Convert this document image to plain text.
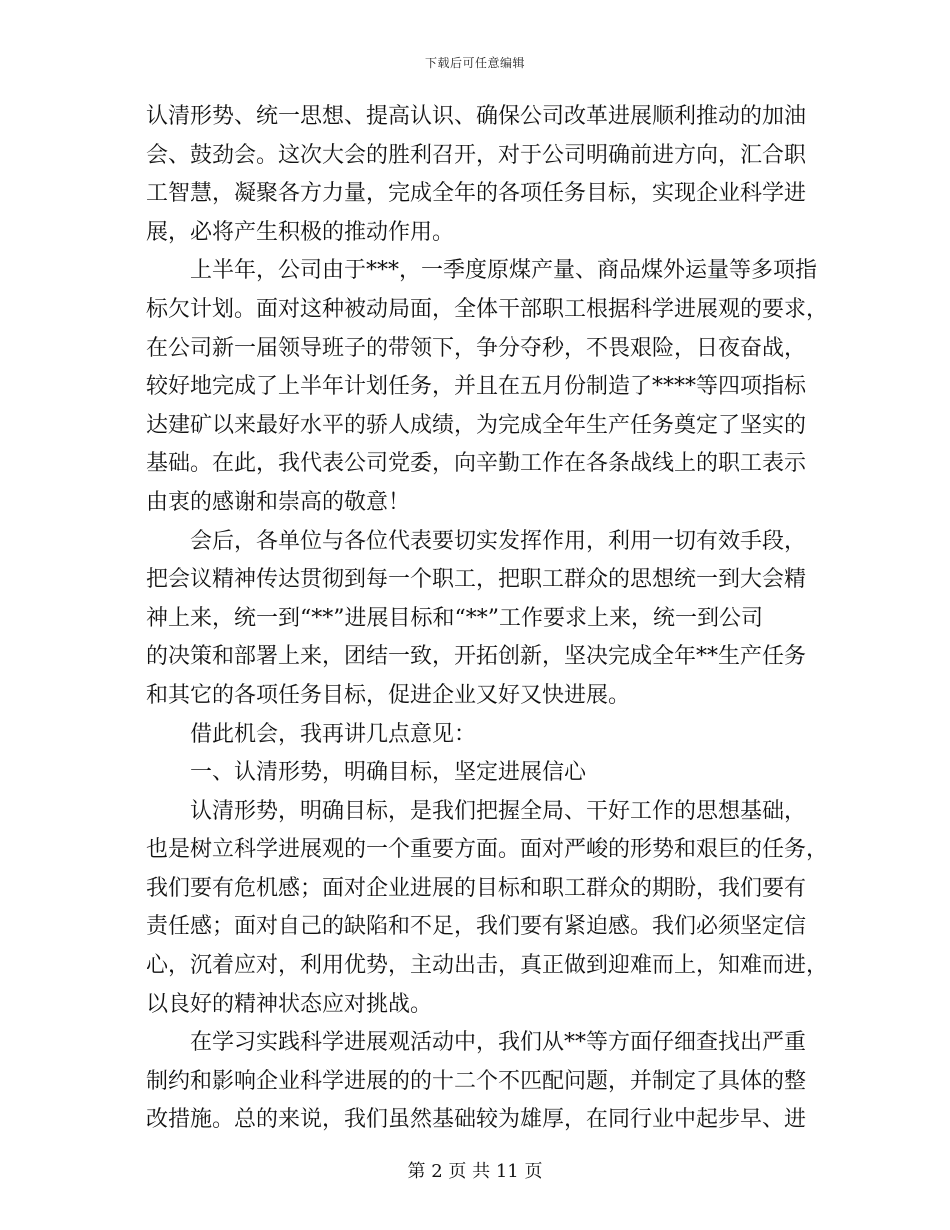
下载后可任意编辑
认清形势、统一思想、提高认识、确保公司改革进展顺利推动的加油
会、鼓劲会。这次大会的胜利召开，对于公司明确前进方向，汇合职
工智慧，凝聚各方力量，完成全年的各项任务目标，实现企业科学进
展，必将产生积极的推动作用。
上半年，公司由于***，一季度原煤产量、商品煤外运量等多项指
标欠计划。面对这种被动局面，全体干部职工根据科学进展观的要求，
在公司新一届领导班子的带领下，争分夺秒，不畏艰险，日夜奋战，
较好地完成了上半年计划任务，并且在五月份制造了****等四项指标
达建矿以来最好水平的骄人成绩，为完成全年生产任务奠定了坚实的
基础。在此，我代表公司党委，向辛勤工作在各条战线上的职工表示
由衷的感谢和崇高的敬意！
会后，各单位与各位代表要切实发挥作用，利用一切有效手段，
把会议精神传达贯彻到每一个职工，把职工群众的思想统一到大会精
神上来，统一到“**”进展目标和“**”工作要求上来，统一到公司
的决策和部署上来，团结一致，开拓创新，坚决完成全年**生产任务
和其它的各项任务目标，促进企业又好又快进展。
借此机会，我再讲几点意见：
一、认清形势，明确目标，坚定进展信心
认清形势，明确目标，是我们把握全局、干好工作的思想基础，
也是树立科学进展观的一个重要方面。面对严峻的形势和艰巨的任务，
我们要有危机感；面对企业进展的目标和职工群众的期盼，我们要有
责任感；面对自己的缺陷和不足，我们要有紧迫感。我们必须坚定信
心，沉着应对，利用优势，主动出击，真正做到迎难而上，知难而进，
以良好的精神状态应对挑战。
在学习实践科学进展观活动中，我们从**等方面仔细查找出严重
制约和影响企业科学进展的的十二个不匹配问题，并制定了具体的整
改措施。总的来说，我们虽然基础较为雄厚，在同行业中起步早、进
第 2 页 共 11 页
